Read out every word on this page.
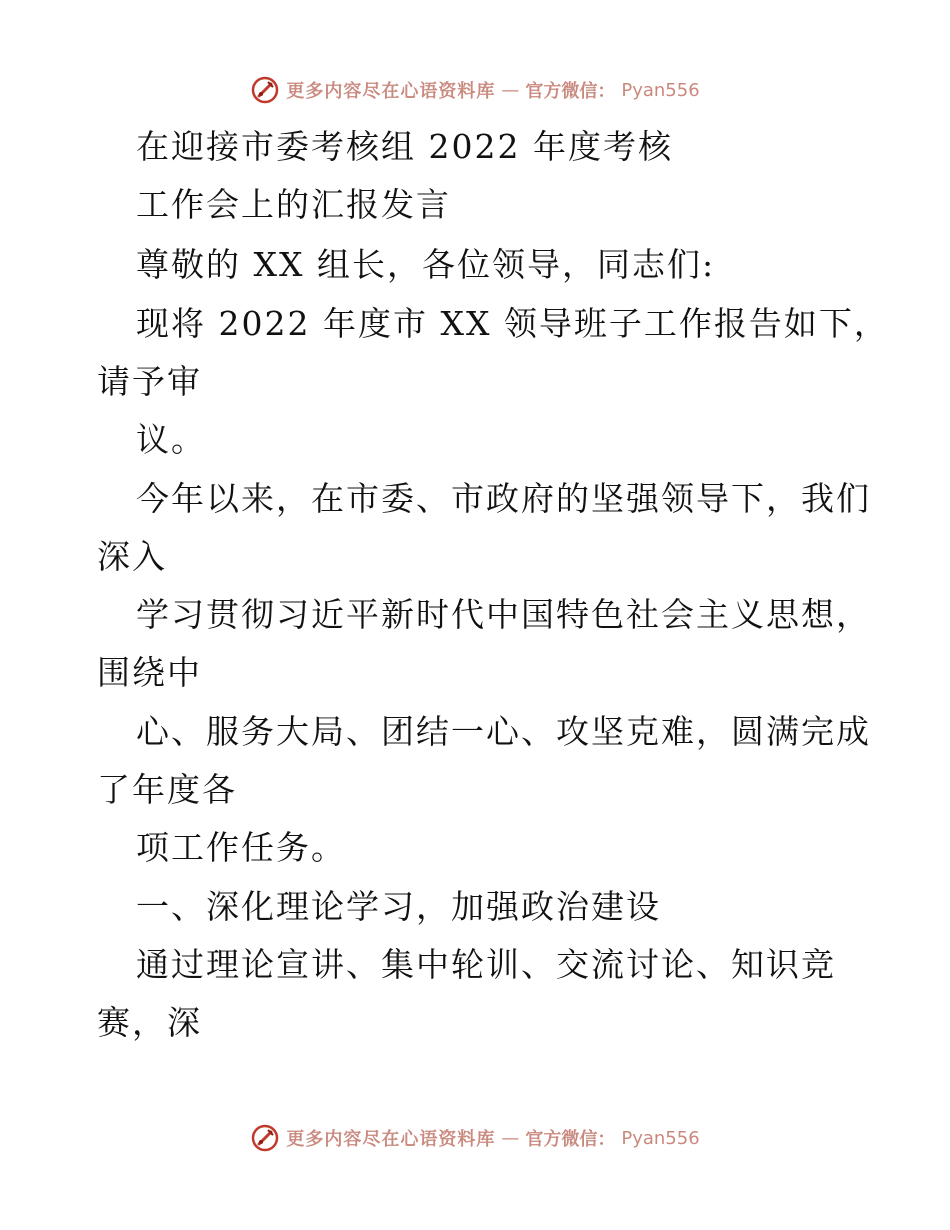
更多内容尽在心语资料库 — 官方微信： Pyan556
在迎接市委考核组 2022 年度考核
工作会上的汇报发言
尊敬的 XX 组长，各位领导，同志们:
现将 2022 年度市 XX 领导班子工作报告如下，
请予审
议。
今年以来，在市委、市政府的坚强领导下，我们
深入
学习贯彻习近平新时代中国特色社会主义思想，
围绕中
心、服务大局、团结一心、攻坚克难，圆满完成
了年度各
项工作任务。
一、深化理论学习，加强政治建设
通过理论宣讲、集中轮训、交流讨论、知识竞
赛，深
更多内容尽在心语资料库 — 官方微信： Pyan556
